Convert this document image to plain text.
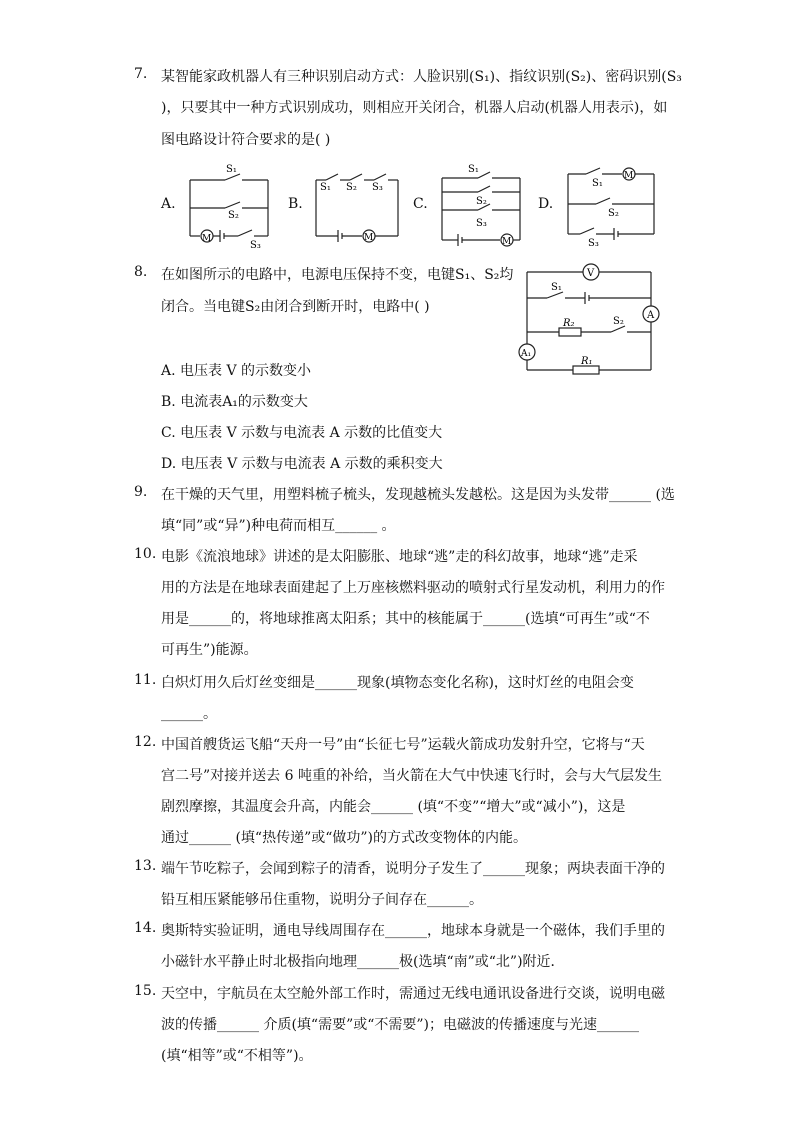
7. 某智能家政机器人有三种识别启动方式：人脸识别(S₁)、指纹识别(S₂)、密码识别(S₃
)，只要其中一种方式识别成功，则相应开关闭合，机器人启动(机器人用表示)，如
图电路设计符合要求的是( )
A.	B.	C.	D.
M
S₁
S₂
S₃
M
S₁ S₂ S₃
M
S₁
S₂
S₃
M
S₁
S₂
S₃
8. 在如图所示的电路中，电源电压保持不变，电键S₁、S₂均
闭合。当电键S₂由闭合到断开时，电路中( )
A. 电压表 V 的示数变小
B. 电流表A₁的示数变大
C. 电压表 V 示数与电流表 A 示数的比值变大
D. 电压表 V 示数与电流表 A 示数的乘积变大
V
A
A₁
S₁
S₂
R₂
R₁
9. 在干燥的天气里，用塑料梳子梳头，发现越梳头发越松。这是因为头发带______ (选
填“同”或“异”)种电荷而相互______ 。
10. 电影《流浪地球》讲述的是太阳膨胀、地球“逃”走的科幻故事，地球“逃”走采
用的方法是在地球表面建起了上万座核燃料驱动的喷射式行星发动机，利用力的作
用是______的，将地球推离太阳系；其中的核能属于______(选填“可再生”或“不
可再生”)能源。
11. 白炽灯用久后灯丝变细是______现象(填物态变化名称)，这时灯丝的电阻会变
______。
12. 中国首艘货运飞船“天舟一号”由“长征七号”运载火箭成功发射升空，它将与“天
宫二号”对接并送去 6 吨重的补给，当火箭在大气中快速飞行时，会与大气层发生
剧烈摩擦，其温度会升高，内能会______ (填“不变”“增大”或“减小”)，这是
通过______ (填“热传递”或“做功”)的方式改变物体的内能。
13. 端午节吃粽子，会闻到粽子的清香，说明分子发生了______现象；两块表面干净的
铅互相压紧能够吊住重物，说明分子间存在______。
14. 奥斯特实验证明，通电导线周围存在______，地球本身就是一个磁体，我们手里的
小磁针水平静止时北极指向地理______极(选填“南”或“北”)附近．
15. 天空中，宇航员在太空舱外部工作时，需通过无线电通讯设备进行交谈，说明电磁
波的传播______ 介质(填“需要”或“不需要”)；电磁波的传播速度与光速______
(填“相等”或“不相等”)。
